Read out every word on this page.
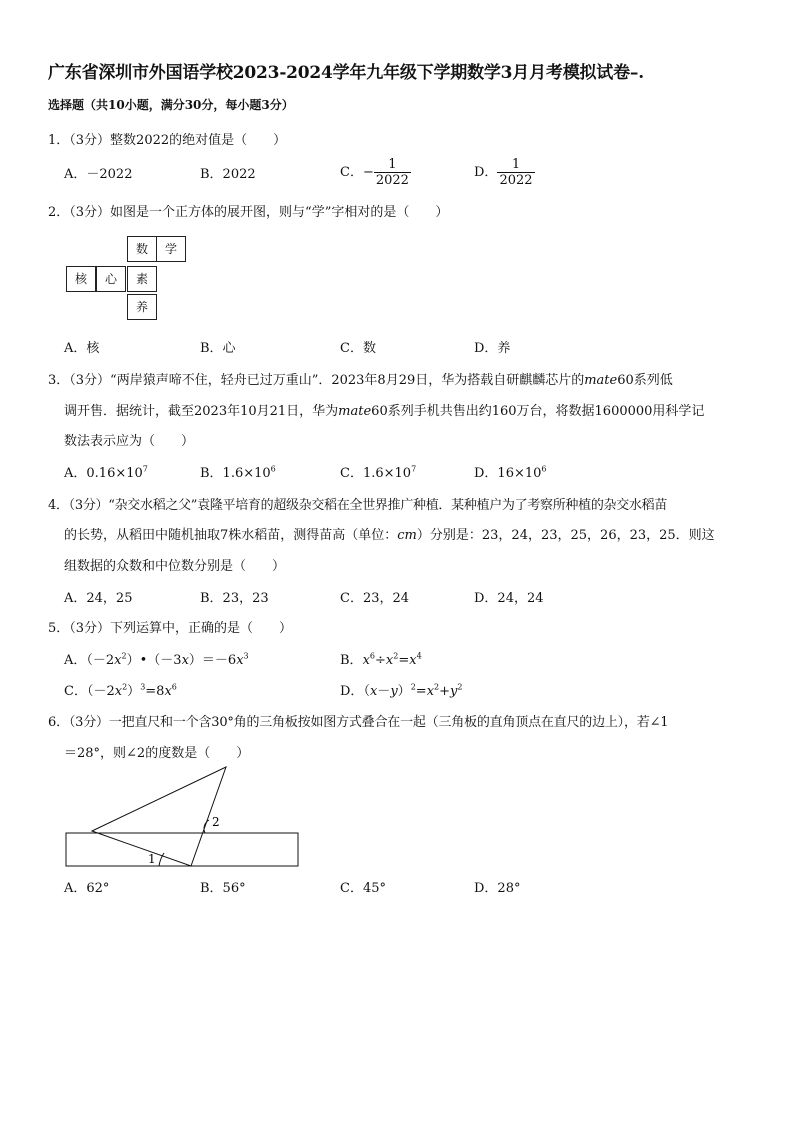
广东省深圳市外国语学校2023-2024学年九年级下学期数学3月月考模拟试卷–.
选择题（共10小题，满分30分，每小题3分）
1．（3分）整数2022的绝对值是（　　）
A．－2022	B．2022	C．− $\frac{1}{2022}$	D． $\frac{1}{2022}$
2．（3分）如图是一个正方体的展开图，则与“学”字相对的是（　　）
数	学
核	心	素
养
A．核	B．心	C．数	D．养
3．（3分）“两岸猿声啼不住，轻舟已过万重山”．2023年8月29日，华为搭载自研麒麟芯片的mate60系列低
调开售．据统计，截至2023年10月21日，华为mate60系列手机共售出约160万台，将数据1600000用科学记
数法表示应为（　　）
A．$0.16\times 10^7$	B．$1.6\times 10^6$	C．$1.6\times 10^7$	D．$16\times 10^6$
4．（3分）“杂交水稻之父”袁隆平培育的超级杂交稻在全世界推广种植．某种植户为了考察所种植的杂交水稻苗
的长势，从稻田中随机抽取7株水稻苗，测得苗高（单位：cm）分别是：23，24，23，25，26，23，25．则这
组数据的众数和中位数分别是（　　）
A．24，25	B．23，23	C．23，24	D．24，24
5．（3分）下列运算中，正确的是（　　）
A．$(-2x^2)•(-3x)=-6x^3$	B．$x^6\div x^2=x^4$
C．$(-2x^2)^3=8x^6$	D．$(x-y)^2=x^2+y^2$
6．（3分）一把直尺和一个含30°角的三角板按如图方式叠合在一起（三角板的直角顶点在直尺的边上），若∠1
＝28°，则∠2的度数是（　　）
1
2
A．62°	B．56°	C．45°	D．28°
